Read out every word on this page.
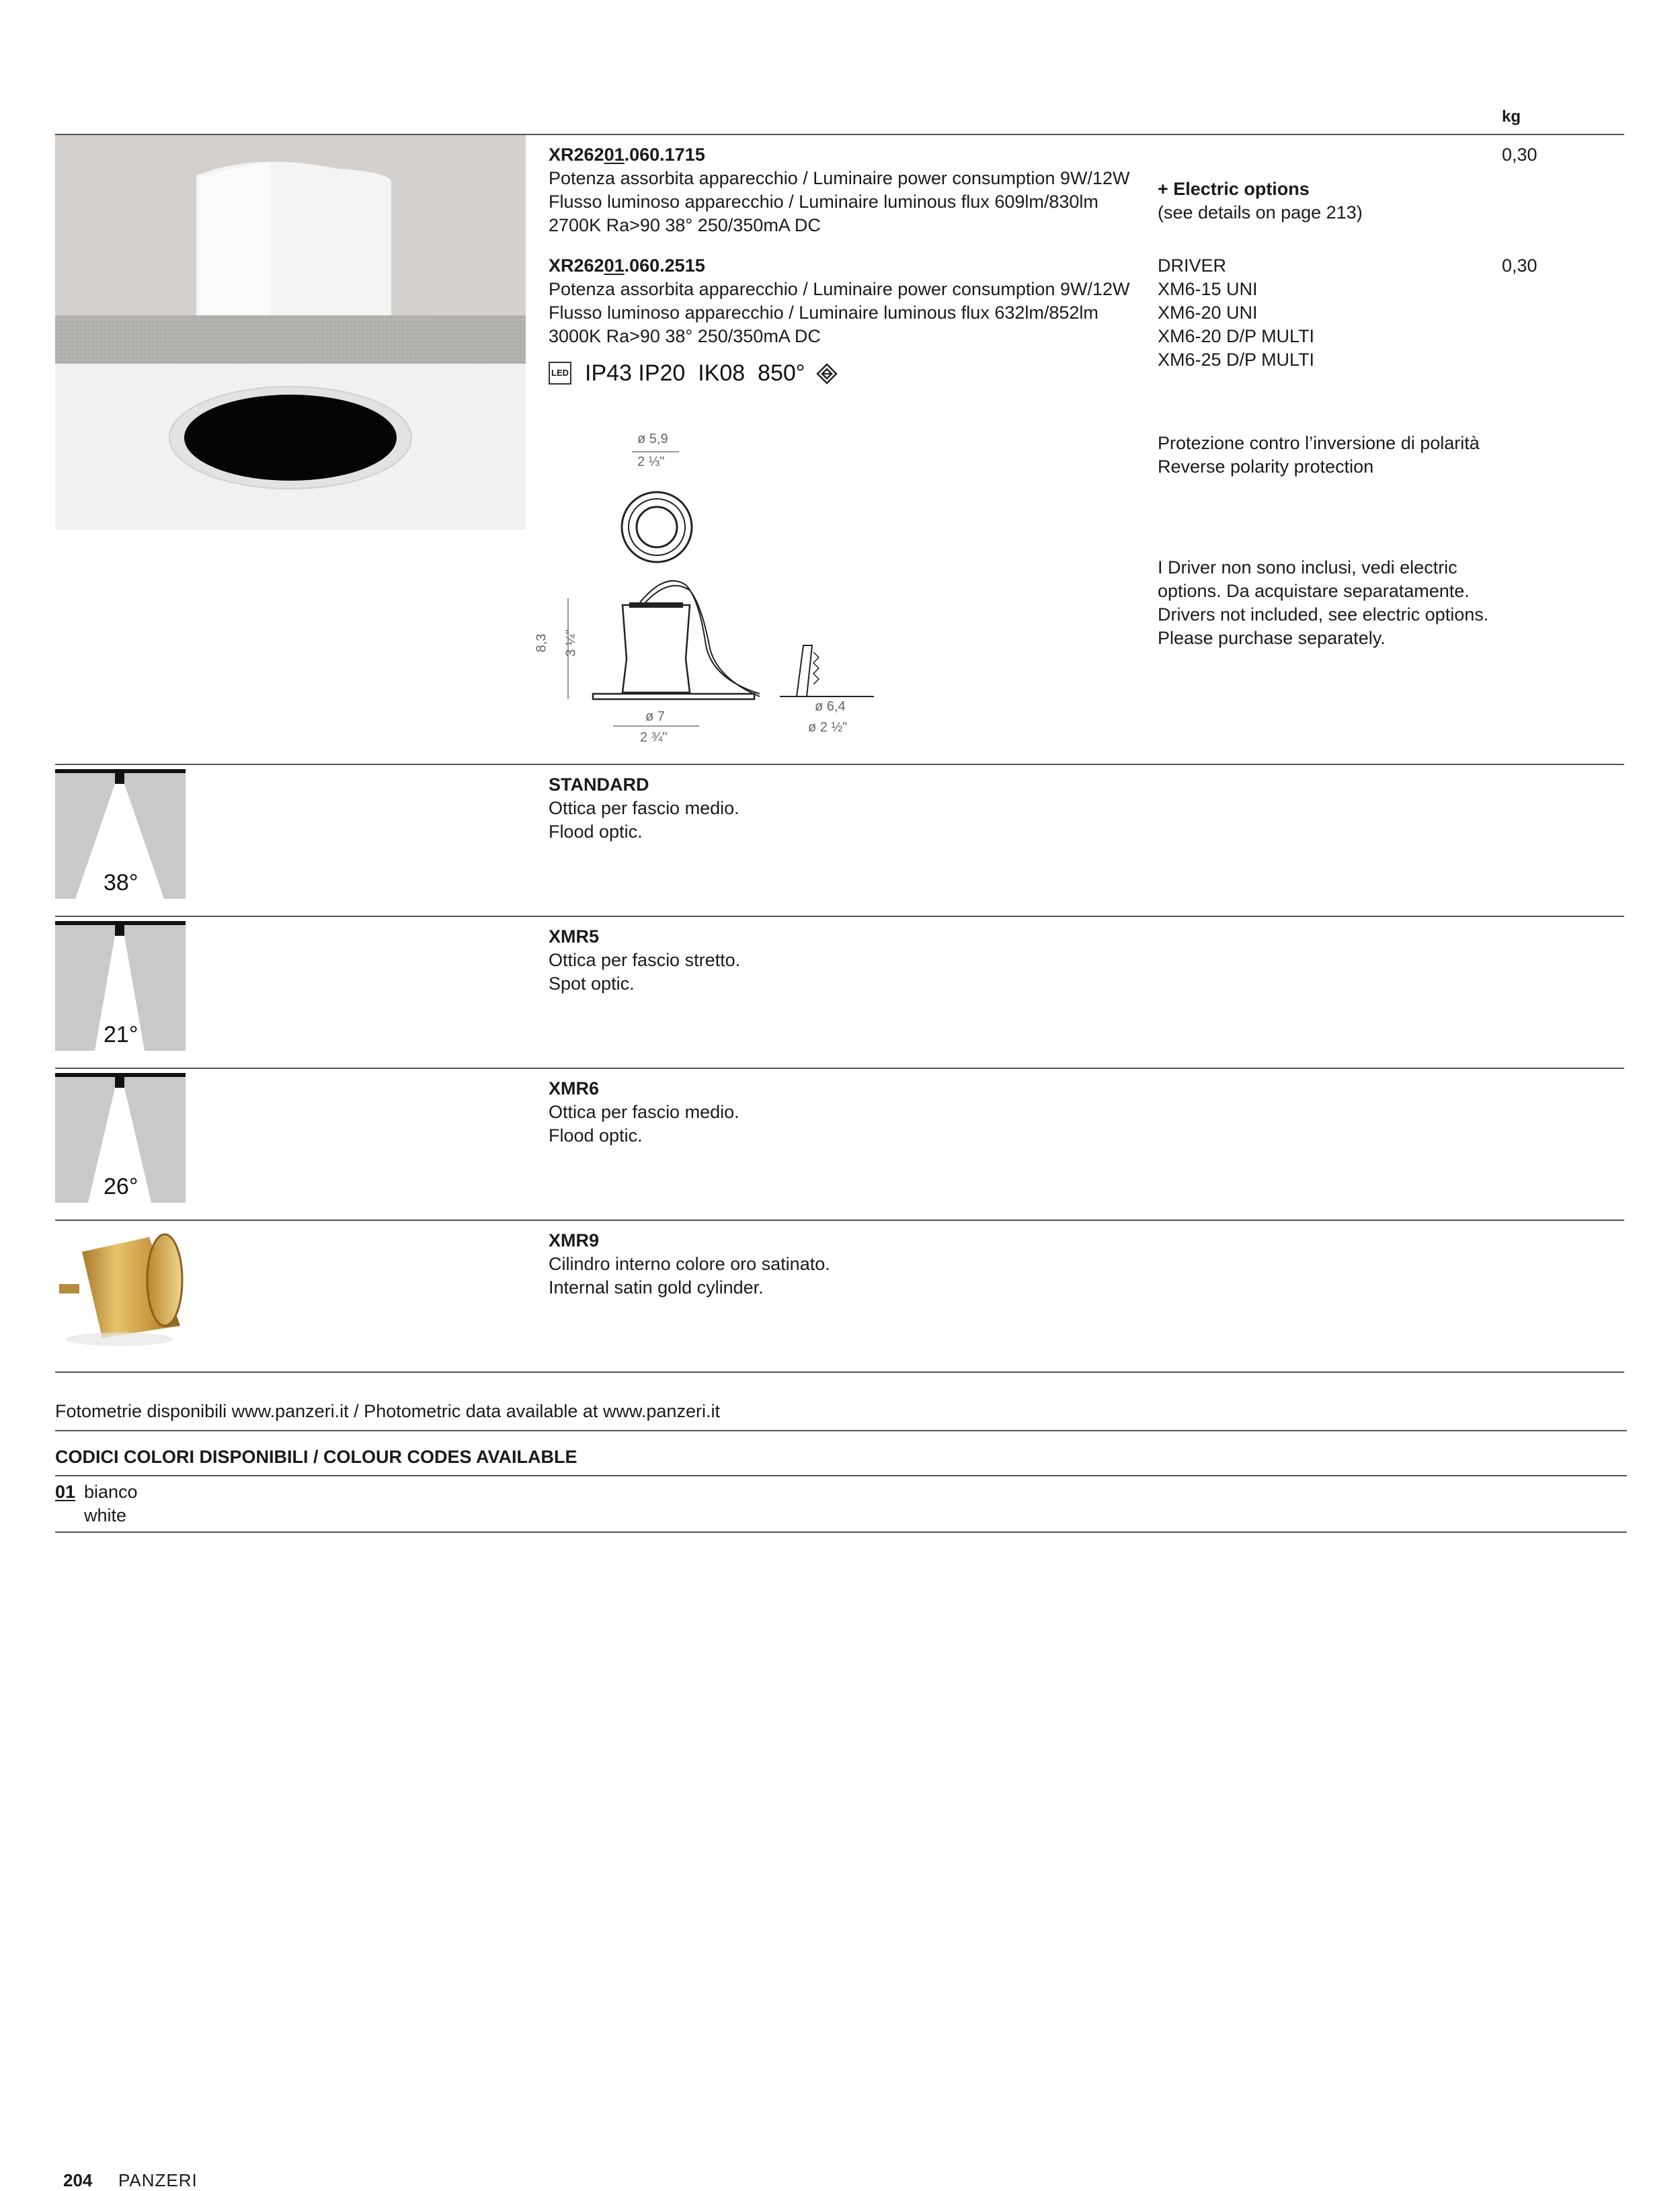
kg
XR26201.060.1715
Potenza assorbita apparecchio / Luminaire power consumption 9W/12W
Flusso luminoso apparecchio / Luminaire luminous flux 609lm/830lm
2700K Ra>90 38° 250/350mA DC
0,30
XR26201.060.2515
Potenza assorbita apparecchio / Luminaire power consumption 9W/12W
Flusso luminoso apparecchio / Luminaire luminous flux 632lm/852lm
3000K Ra>90 38° 250/350mA DC
0,30
LED IP43 IP20  IK08  850°
+ Electric options
(see details on page 213)
DRIVER
XM6-15 UNI
XM6-20 UNI
XM6-20 D/P MULTI
XM6-25 D/P MULTI
Protezione contro l’inversione di polarità
Reverse polarity protection
I Driver non sono inclusi, vedi electric
options. Da acquistare separatamente.
Drivers not included, see electric options.
Please purchase separately.
ø 5,9
2 ⅓"
8,3 3 ¼"
ø 7
2 ¾"
ø 6,4
ø 2 ½"
38°
STANDARD
Ottica per fascio medio.
Flood optic.
21°
XMR5
Ottica per fascio stretto.
Spot optic.
26°
XMR6
Ottica per fascio medio.
Flood optic.
XMR9
Cilindro interno colore oro satinato.
Internal satin gold cylinder.
Fotometrie disponibili www.panzeri.it / Photometric data available at www.panzeri.it
CODICI COLORI DISPONIBILI / COLOUR CODES AVAILABLE
01 bianco
white
204 PANZERI
